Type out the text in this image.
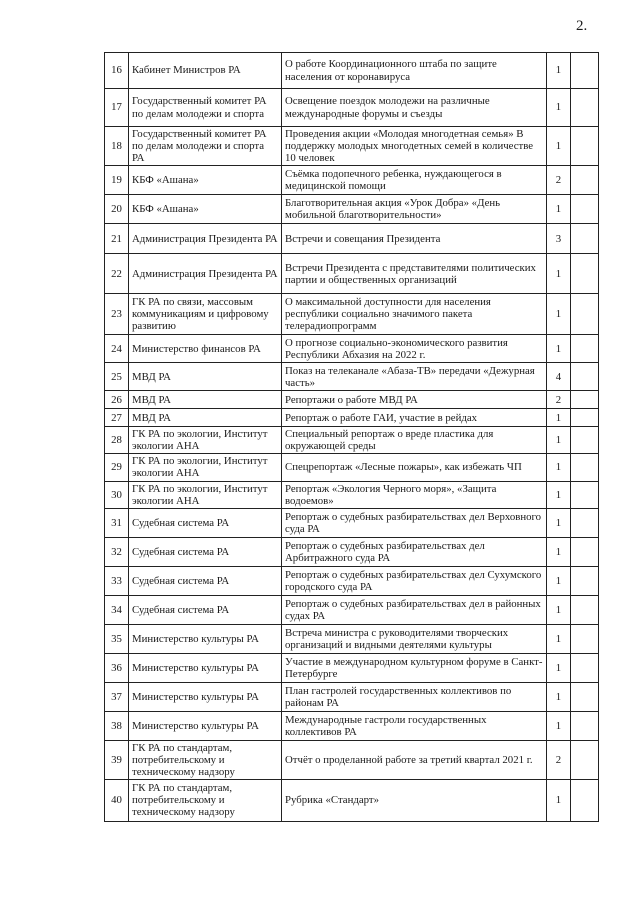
2.
16	Кабинет Министров РА	О работе Координационного штаба по защите населения от коронавируса	1	
17	Государственный комитет РА по делам молодежи и спорта	Освещение поездок молодежи на различные международные форумы и съезды	1	
18	Государственный комитет РА по делам молодежи и спорта РА	Проведения акции «Молодая многодетная семья» В поддержку молодых многодетных семей в количестве 10 человек	1	
19	КБФ «Ашана»	Съёмка подопечного ребенка, нуждающегося в медицинской помощи	2	
20	КБФ «Ашана»	Благотворительная акция «Урок Добра» «День мобильной благотворительности»	1	
21	Администрация Президента РА	Встречи и совещания Президента	3	
22	Администрация Президента РА	Встречи Президента с представителями политических партии и общественных организаций	1	
23	ГК РА по связи, массовым коммуникациям и цифровому развитию	О максимальной доступности для населения республики социально значимого пакета телерадиопрограмм	1	
24	Министерство финансов РА	О прогнозе социально-экономического развития Республики Абхазия на 2022 г.	1	
25	МВД РА	Показ на телеканале «Абаза-ТВ» передачи «Дежурная часть»	4	
26	МВД РА	Репортажи о работе МВД РА	2	
27	МВД РА	Репортаж о работе ГАИ, участие в рейдах	1	
28	ГК РА по экологии, Институт экологии АНА	Специальный репортаж о вреде пластика для окружающей среды	1	
29	ГК РА по экологии, Институт экологии АНА	Спецрепортаж «Лесные пожары», как избежать ЧП	1	
30	ГК РА по экологии, Институт экологии АНА	Репортаж «Экология Черного моря», «Защита водоемов»	1	
31	Судебная система РА	Репортаж о судебных разбирательствах дел Верховного суда РА	1	
32	Судебная система РА	Репортаж о судебных разбирательствах дел Арбитражного суда РА	1	
33	Судебная система РА	Репортаж о судебных разбирательствах дел Сухумского городского суда РА	1	
34	Судебная система РА	Репортаж о судебных разбирательствах дел в районных судах РА	1	
35	Министерство культуры РА	Встреча министра с руководителями творческих организаций и видными деятелями культуры	1	
36	Министерство культуры РА	Участие в международном культурном форуме в Санкт-Петербурге	1	
37	Министерство культуры РА	План гастролей государственных коллективов по районам РА	1	
38	Министерство культуры РА	Международные гастроли государственных коллективов РА	1	
39	ГК РА по стандартам, потребительскому и техническому надзору	Отчёт о проделанной работе за третий квартал 2021 г.	2	
40	ГК РА по стандартам, потребительскому и техническому надзору	Рубрика «Стандарт»	1	
